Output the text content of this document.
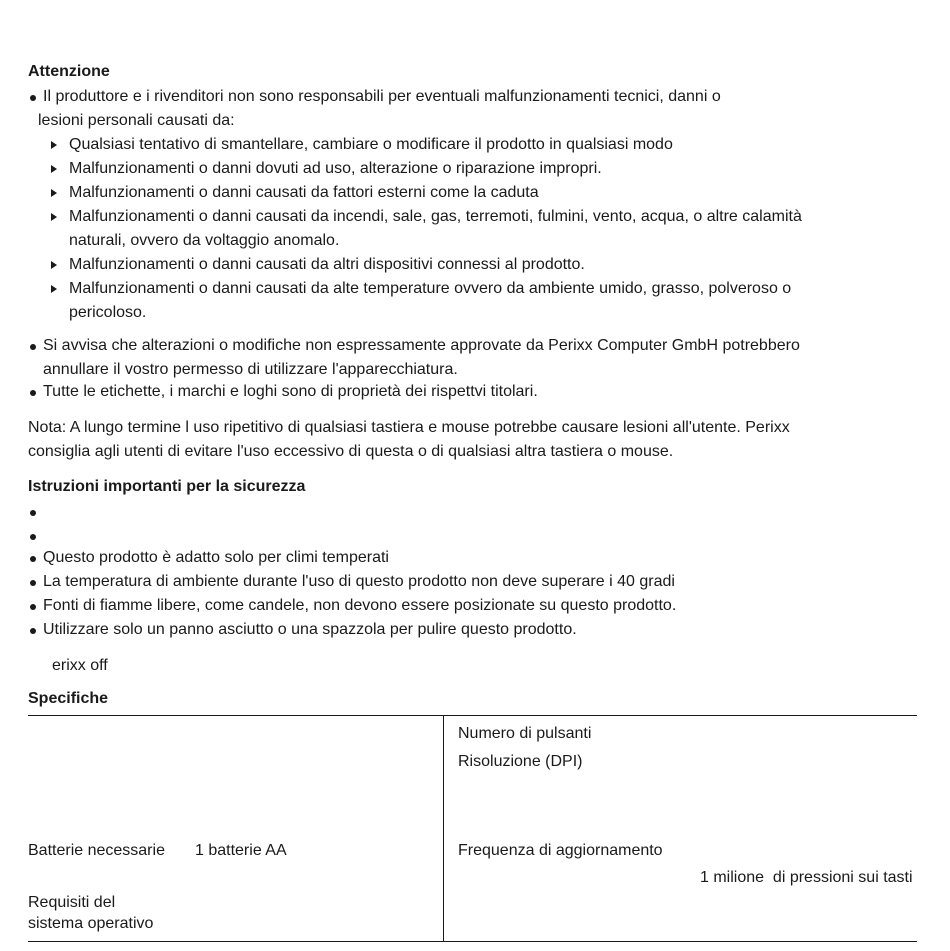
Attenzione
Il produttore e i rivenditori non sono responsabili per eventuali malfunzionamenti tecnici, danni o
lesioni personali causati da:
Qualsiasi tentativo di smantellare, cambiare o modificare il prodotto in qualsiasi modo
Malfunzionamenti o danni dovuti ad uso, alterazione o riparazione impropri.
Malfunzionamenti o danni causati da fattori esterni come la caduta
Malfunzionamenti o danni causati da incendi, sale, gas, terremoti, fulmini, vento, acqua, o altre calamità
naturali, ovvero da voltaggio anomalo.
Malfunzionamenti o danni causati da altri dispositivi connessi al prodotto.
Malfunzionamenti o danni causati da alte temperature ovvero da ambiente umido, grasso, polveroso o
pericoloso.
Si avvisa che alterazioni o modifiche non espressamente approvate da Perixx Computer GmbH potrebbero
annullare il vostro permesso di utilizzare l'apparecchiatura.
Tutte le etichette, i marchi e loghi sono di proprietà dei rispettvi titolari.
Nota: A lungo termine l uso ripetitivo di qualsiasi tastiera e mouse potrebbe causare lesioni all'utente. Perixx
consiglia agli utenti di evitare l'uso eccessivo di questa o di qualsiasi altra tastiera o mouse.
Istruzioni importanti per la sicurezza
Questo prodotto è adatto solo per climi temperati
La temperatura di ambiente durante l'uso di questo prodotto non deve superare i 40 gradi
Fonti di fiamme libere, come candele, non devono essere posizionate su questo prodotto.
Utilizzare solo un panno asciutto o una spazzola per pulire questo prodotto.
erixx off
Specifiche
Numero di pulsanti
Risoluzione (DPI)
Batterie necessarie 1 batterie AA	Frequenza di aggiornamento
1 milione  di pressioni sui tasti
Requisiti del
sistema operativo
